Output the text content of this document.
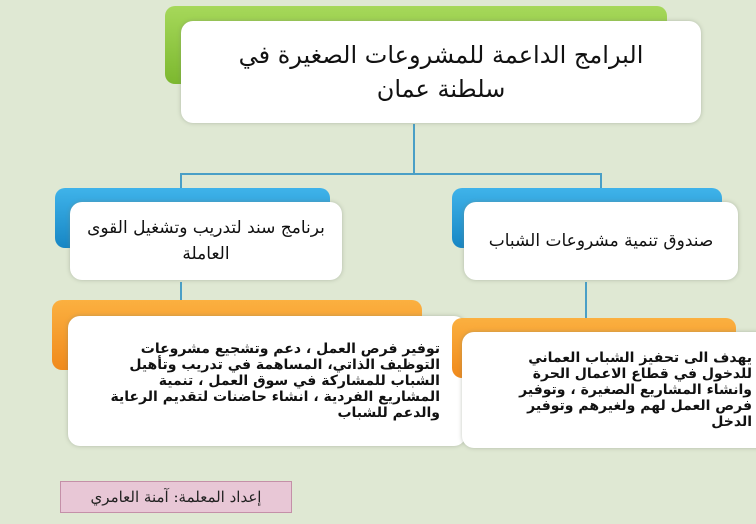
البرامج الداعمة للمشروعات الصغيرة في سلطنة عمان
برنامج سند لتدريب وتشغيل القوى العاملة
صندوق تنمية مشروعات الشباب
توفير فرص العمل ، دعم وتشجيع مشروعات التوظيف الذاتي، المساهمة في تدريب وتأهيل الشباب للمشاركة في سوق العمل ، تنمية المشاريع الفردية ، انشاء حاضنات لتقديم الرعاية والدعم للشباب
يهدف الى تحفيز الشباب العماني للدخول في قطاع الاعمال الحرة وانشاء المشاريع الصغيرة ، وتوفير فرص العمل لهم ولغيرهم وتوفير الدخل
إعداد المعلمة:

آمنة العامري
